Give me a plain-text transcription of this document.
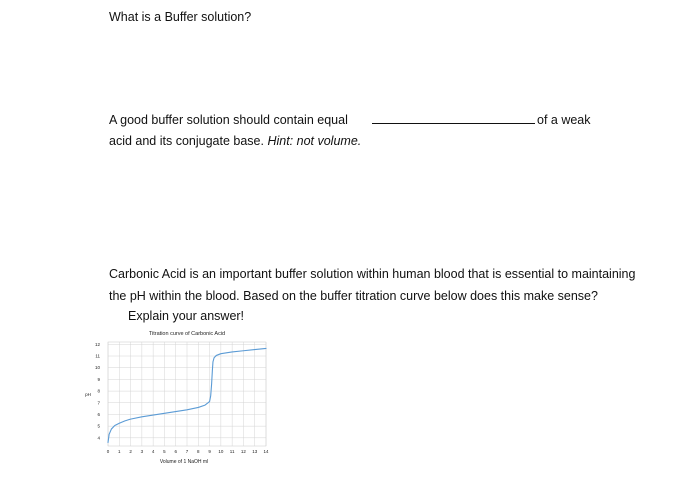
What is a Buffer solution?
A good buffer solution should contain equal	of a weak
acid and its conjugate base. Hint: not volume.
Carbonic Acid is an important buffer solution within human blood that is essential to maintaining
the pH within the blood. Based on the buffer titration curve below does this make sense?
Explain your answer!
Titration curve of Carbonic Acid
pH
Volume of 1 NaOH ml
0 1 2 3 4 5 6 7 8 9 10 11 12 13 14
4
5
6
7
8
9
10
11
12
